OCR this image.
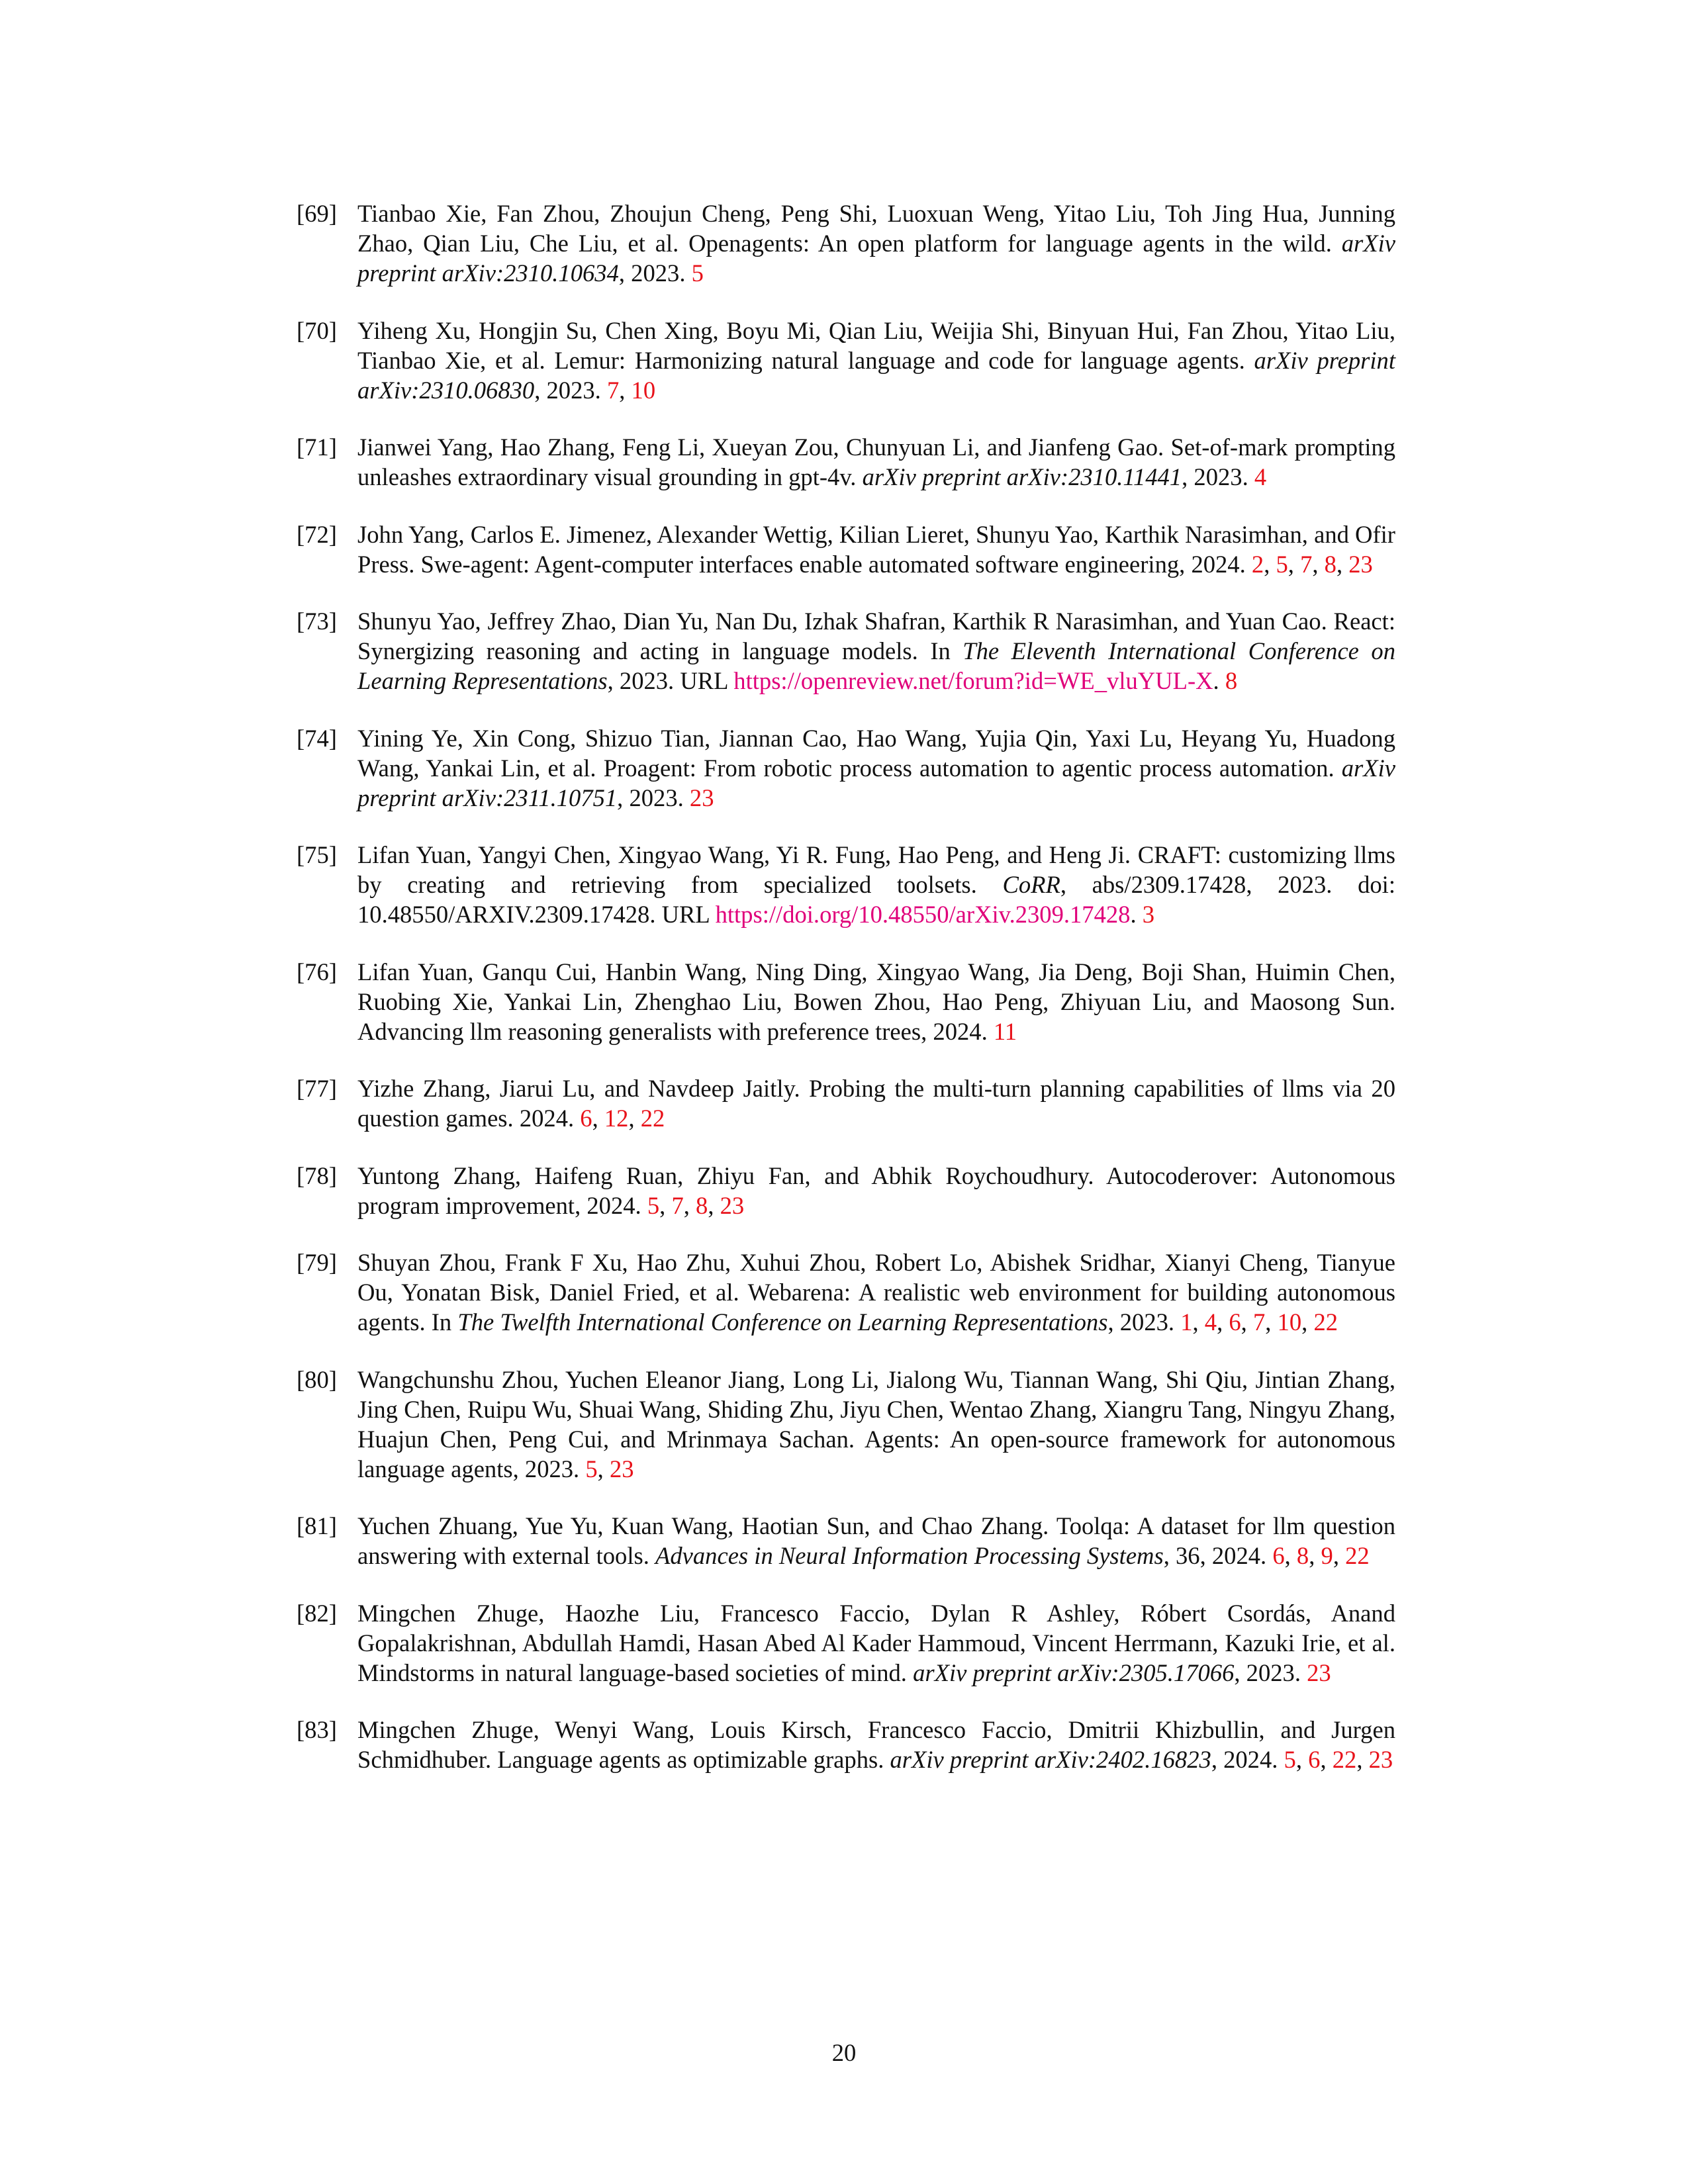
[69] Tianbao Xie, Fan Zhou, Zhoujun Cheng, Peng Shi, Luoxuan Weng, Yitao Liu, Toh Jing Hua, Junning Zhao, Qian Liu, Che Liu, et al. Openagents: An open platform for language agents in the wild. arXiv preprint arXiv:2310.10634, 2023. 5
[70] Yiheng Xu, Hongjin Su, Chen Xing, Boyu Mi, Qian Liu, Weijia Shi, Binyuan Hui, Fan Zhou, Yitao Liu, Tianbao Xie, et al. Lemur: Harmonizing natural language and code for language agents. arXiv preprint arXiv:2310.06830, 2023. 7, 10
[71] Jianwei Yang, Hao Zhang, Feng Li, Xueyan Zou, Chunyuan Li, and Jianfeng Gao. Set-of-mark prompting unleashes extraordinary visual grounding in gpt-4v. arXiv preprint arXiv:2310.11441, 2023. 4
[72] John Yang, Carlos E. Jimenez, Alexander Wettig, Kilian Lieret, Shunyu Yao, Karthik Narasimhan, and Ofir Press. Swe-agent: Agent-computer interfaces enable automated software engineering, 2024. 2, 5, 7, 8, 23
[73] Shunyu Yao, Jeffrey Zhao, Dian Yu, Nan Du, Izhak Shafran, Karthik R Narasimhan, and Yuan Cao. React: Synergizing reasoning and acting in language models. In The Eleventh International Conference on Learning Representations, 2023. URL https://openreview.net/forum?id=WE_vluYUL-X. 8
[74] Yining Ye, Xin Cong, Shizuo Tian, Jiannan Cao, Hao Wang, Yujia Qin, Yaxi Lu, Heyang Yu, Huadong Wang, Yankai Lin, et al. Proagent: From robotic process automation to agentic process automation. arXiv preprint arXiv:2311.10751, 2023. 23
[75] Lifan Yuan, Yangyi Chen, Xingyao Wang, Yi R. Fung, Hao Peng, and Heng Ji. CRAFT: customizing llms by creating and retrieving from specialized toolsets. CoRR, abs/2309.17428, 2023. doi: 10.48550/ARXIV.2309.17428. URL https://doi.org/10.48550/arXiv.2309.17428. 3
[76] Lifan Yuan, Ganqu Cui, Hanbin Wang, Ning Ding, Xingyao Wang, Jia Deng, Boji Shan, Huimin Chen, Ruobing Xie, Yankai Lin, Zhenghao Liu, Bowen Zhou, Hao Peng, Zhiyuan Liu, and Maosong Sun. Advancing llm reasoning generalists with preference trees, 2024. 11
[77] Yizhe Zhang, Jiarui Lu, and Navdeep Jaitly. Probing the multi-turn planning capabilities of llms via 20 question games. 2024. 6, 12, 22
[78] Yuntong Zhang, Haifeng Ruan, Zhiyu Fan, and Abhik Roychoudhury. Autocoderover: Autonomous program improvement, 2024. 5, 7, 8, 23
[79] Shuyan Zhou, Frank F Xu, Hao Zhu, Xuhui Zhou, Robert Lo, Abishek Sridhar, Xianyi Cheng, Tianyue Ou, Yonatan Bisk, Daniel Fried, et al. Webarena: A realistic web environment for building autonomous agents. In The Twelfth International Conference on Learning Representations, 2023. 1, 4, 6, 7, 10, 22
[80] Wangchunshu Zhou, Yuchen Eleanor Jiang, Long Li, Jialong Wu, Tiannan Wang, Shi Qiu, Jintian Zhang, Jing Chen, Ruipu Wu, Shuai Wang, Shiding Zhu, Jiyu Chen, Wentao Zhang, Xiangru Tang, Ningyu Zhang, Huajun Chen, Peng Cui, and Mrinmaya Sachan. Agents: An open-source framework for autonomous language agents, 2023. 5, 23
[81] Yuchen Zhuang, Yue Yu, Kuan Wang, Haotian Sun, and Chao Zhang. Toolqa: A dataset for llm question answering with external tools. Advances in Neural Information Processing Systems, 36, 2024. 6, 8, 9, 22
[82] Mingchen Zhuge, Haozhe Liu, Francesco Faccio, Dylan R Ashley, Róbert Csordás, Anand Gopalakrishnan, Abdullah Hamdi, Hasan Abed Al Kader Hammoud, Vincent Herrmann, Kazuki Irie, et al. Mindstorms in natural language-based societies of mind. arXiv preprint arXiv:2305.17066, 2023. 23
[83] Mingchen Zhuge, Wenyi Wang, Louis Kirsch, Francesco Faccio, Dmitrii Khizbullin, and Jurgen Schmidhuber. Language agents as optimizable graphs. arXiv preprint arXiv:2402.16823, 2024. 5, 6, 22, 23
20
